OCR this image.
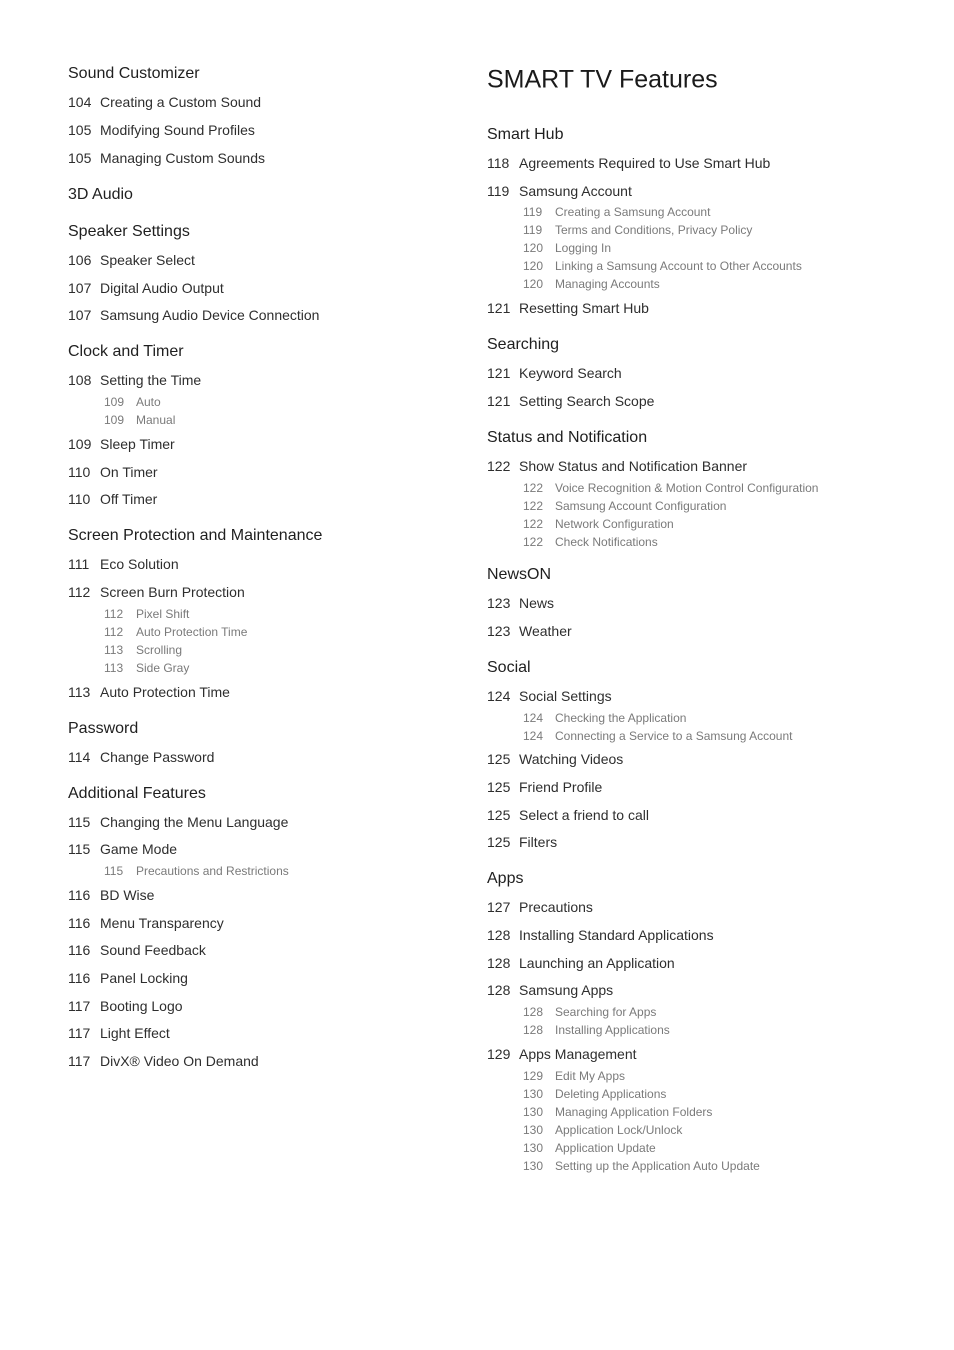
Sound Customizer
104 Creating a Custom Sound
105 Modifying Sound Profiles
105 Managing Custom Sounds
3D Audio
Speaker Settings
106 Speaker Select
107 Digital Audio Output
107 Samsung Audio Device Connection
Clock and Timer
108 Setting the Time
109 Auto
109 Manual
109 Sleep Timer
110 On Timer
110 Off Timer
Screen Protection and Maintenance
111 Eco Solution
112 Screen Burn Protection
112 Pixel Shift
112 Auto Protection Time
113 Scrolling
113 Side Gray
113 Auto Protection Time
Password
114 Change Password
Additional Features
115 Changing the Menu Language
115 Game Mode
115 Precautions and Restrictions
116 BD Wise
116 Menu Transparency
116 Sound Feedback
116 Panel Locking
117 Booting Logo
117 Light Effect
117 DivX® Video On Demand
SMART TV Features
Smart Hub
118 Agreements Required to Use Smart Hub
119 Samsung Account
119 Creating a Samsung Account
119 Terms and Conditions, Privacy Policy
120 Logging In
120 Linking a Samsung Account to Other Accounts
120 Managing Accounts
121 Resetting Smart Hub
Searching
121 Keyword Search
121 Setting Search Scope
Status and Notification
122 Show Status and Notification Banner
122 Voice Recognition & Motion Control Configuration
122 Samsung Account Configuration
122 Network Configuration
122 Check Notifications
NewsON
123 News
123 Weather
Social
124 Social Settings
124 Checking the Application
124 Connecting a Service to a Samsung Account
125 Watching Videos
125 Friend Profile
125 Select a friend to call
125 Filters
Apps
127 Precautions
128 Installing Standard Applications
128 Launching an Application
128 Samsung Apps
128 Searching for Apps
128 Installing Applications
129 Apps Management
129 Edit My Apps
130 Deleting Applications
130 Managing Application Folders
130 Application Lock/Unlock
130 Application Update
130 Setting up the Application Auto Update
